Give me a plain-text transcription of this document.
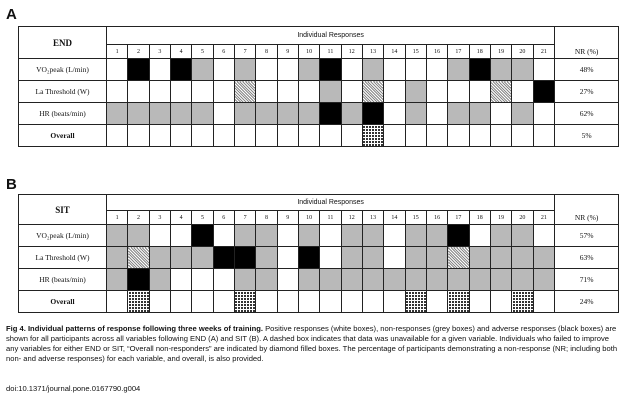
A
END	Individual Responses																					
	1	2	3	4	5	6	7	8	9	10	11	12	13	14	15	16	17	18	19	20	21	NR (%)
VO₂peak (L/min)																						48%
La Threshold (W)																						27%
HR (beats/min)																						62%
Overall																						5%
B
SIT	Individual Responses																					
	1	2	3	4	5	6	7	8	9	10	11	12	13	14	15	16	17	18	19	20	21	NR (%)
VO₂peak (L/min)																						57%
La Threshold (W)																						63%
HR (beats/min)																						71%
Overall																						24%
Fig 4. Individual patterns of response following three weeks of training. Positive responses (white boxes), non-responses (grey boxes) and adverse responses (black boxes) are shown for all participants across all variables following END (A) and SIT (B). A dashed box indicates that data was unavailable for a given variable. Individuals who failed to improve any variables for either END or SIT, “Overall non-responders” are indicated by diamond filled boxes. The percentage of participants demonstrating a non-response (NR; including both non- and adverse responses) for each variable, and overall, is also provided.
doi:10.1371/journal.pone.0167790.g004
